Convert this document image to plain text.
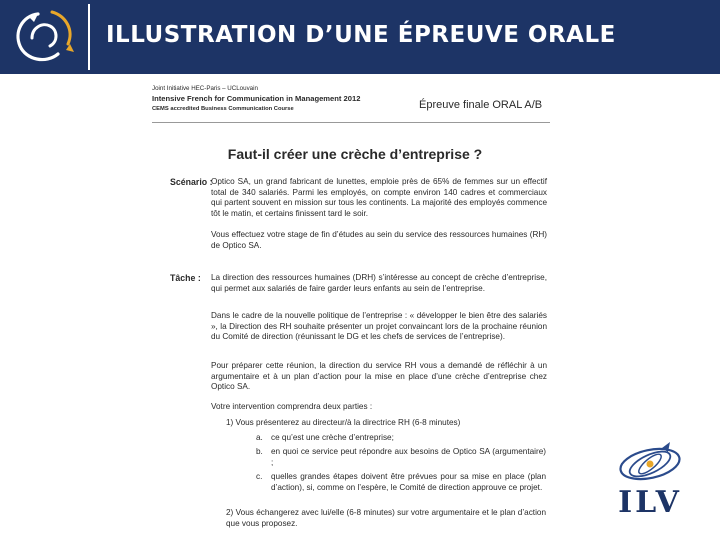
ILLUSTRATION D’UNE ÉPREUVE ORALE
Joint Initiative HEC-Paris – UCLouvain
Intensive French for Communication in Management 2012
CEMS accredited Business Communication Course	Épreuve finale ORAL A/B
Faut-il créer une crèche d’entreprise ?
Scénario :
Optico SA, un grand fabricant de lunettes, emploie près de 65% de femmes sur un effectif total de 340 salariés. Parmi les employés, on compte environ 140 cadres et commerciaux qui partent souvent en mission sur tous les continents. La majorité des employés commence tôt le matin, et certains finissent tard le soir.
Vous effectuez votre stage de fin d’études au sein du service des ressources humaines (RH) de Optico SA.
Tâche : La direction des ressources humaines (DRH) s’intéresse au concept de crèche d’entreprise, qui permet aux salariés de faire garder leurs enfants au sein de l’entreprise.
Dans le cadre de la nouvelle politique de l’entreprise : « développer le bien être des salariés », la Direction des RH souhaite présenter un projet convaincant lors de la prochaine réunion du Comité de direction (réunissant le DG et les chefs de services de l’entreprise).
Pour préparer cette réunion, la direction du service RH vous a demandé de réfléchir à un argumentaire et à un plan d’action pour la mise en place d’une crèche d’entreprise chez Optico SA.
Votre intervention comprendra deux parties :
1) Vous présenterez au directeur/à la directrice RH (6-8 minutes)
a. ce qu’est une crèche d’entreprise;
b. en quoi ce service peut répondre aux besoins de Optico SA (argumentaire) ;
c.	quelles grandes étapes doivent être prévues pour sa mise en place (plan d’action), si, comme on l’espère, le Comité de direction approuve ce projet.
2) Vous échangerez avec lui/elle (6-8 minutes) sur votre argumentaire et le plan d’action que vous proposez.
ILV
